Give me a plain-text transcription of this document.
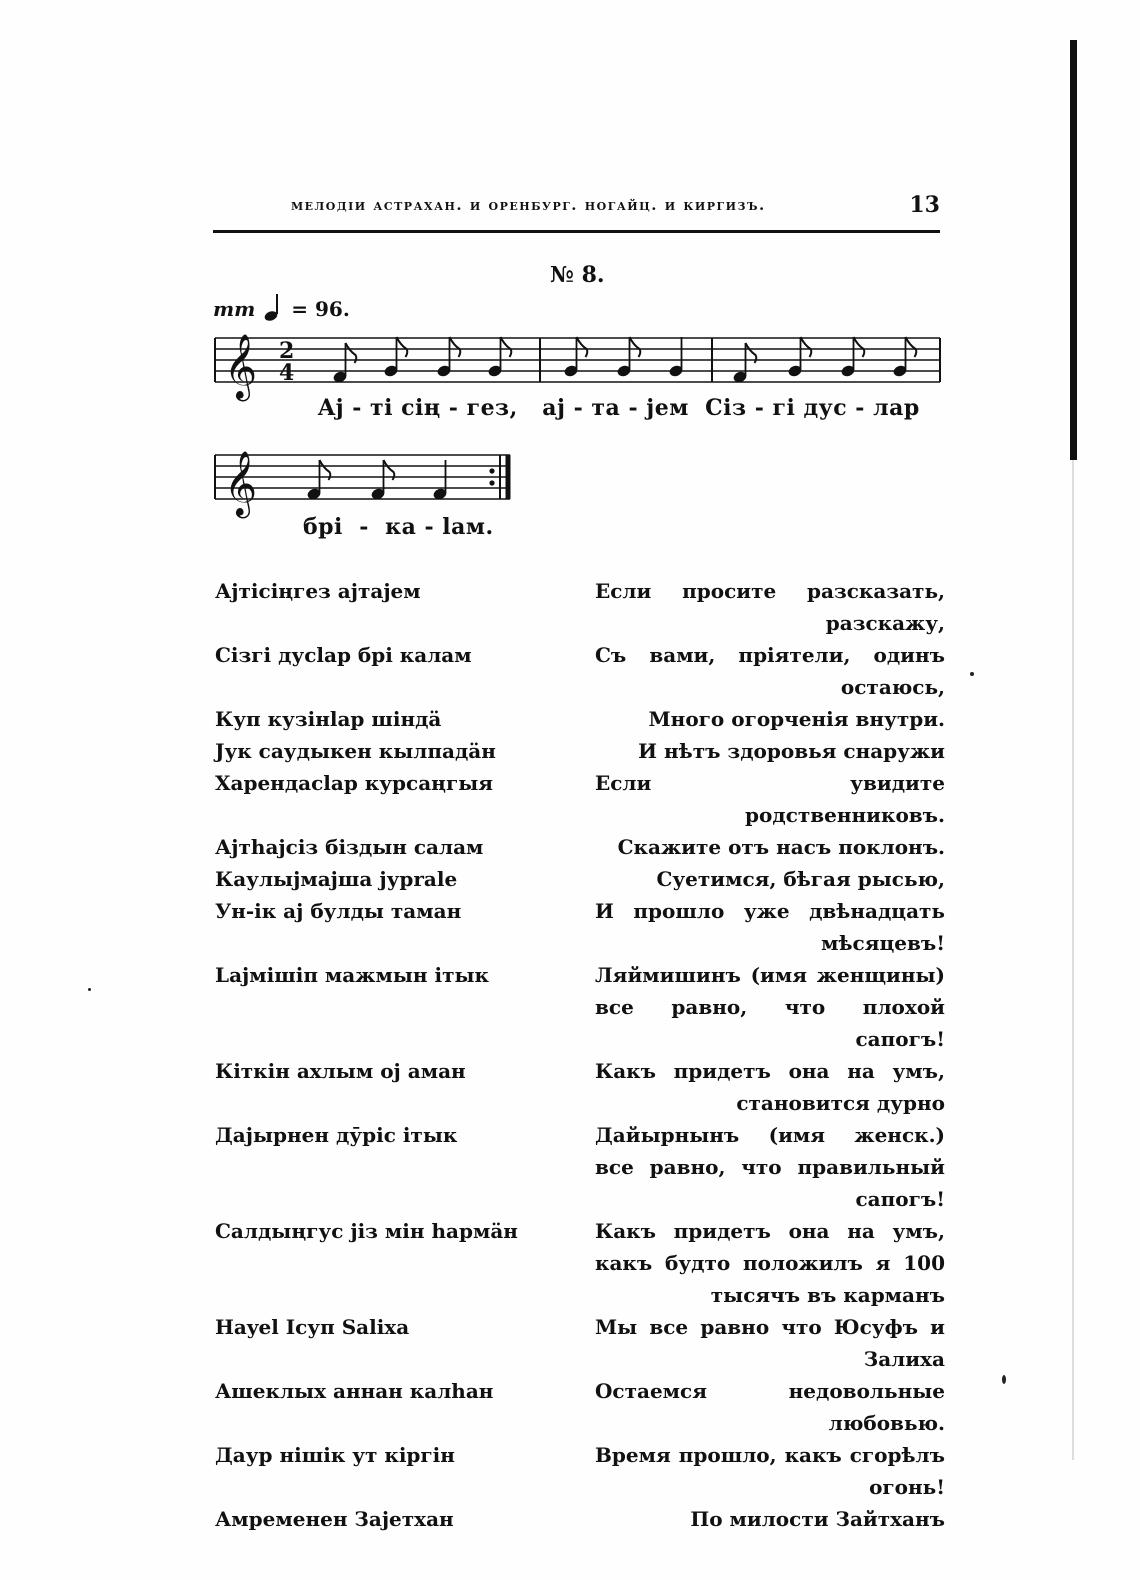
мелодіи астрахан. и оренбург. ногайц. и киргизъ.	13
№ 8.
mm = 96.
𝄞 2
4
𝄞
Aj - ті сің - гез,   aj - та - jем  Сіз - гі дус - лар
брі  -  ка - lам.
Ајтісіңгез ајтајем	Если просите разсказать, разскажу,
Сізгі дусlар брі калам	Съ вами, пріятели, одинъ остаюсь,
Куп кузінlар шіндӓ	Много огорченія внутри.
Jук саудыкен кылпадӓн	И нѣтъ здоровья снаружи
Харендасlар курсаңгыя	Если увидите родственниковъ.
Ајтhајсіз біздын салам	Скажите отъ насъ поклонъ.
Каулыјмајша јурrale	Суетимся, бѣгая рысью,
Ун-ік ај булды таман	И прошло уже двѣнадцать мѣсяцевъ!
Lајмішіп мажмын ітык	Ляймишинъ (имя женщины) все равно, что плохой сапогъ!
Кіткін ахлым ој аман	Какъ придетъ она на умъ, становится дурно
Дајырнен дӯріс ітык	Дайырнынъ (имя женск.) все равно, что правильный сапогъ!
Салдыңгус јіз мін hармӓн	Какъ придетъ она на умъ, какъ будто положилъ я 100 тысячъ въ карманъ
Hayel Ісуп Salixa	Мы все равно что Юсуфъ и Залиха
Ашеклых аннан калhан	Остаемся недовольные любовью.
Даур нішік ут кіргін	Время прошло, какъ сгорѣлъ огонь!
Амременен Зајетхан	По милости Зайтханъ
